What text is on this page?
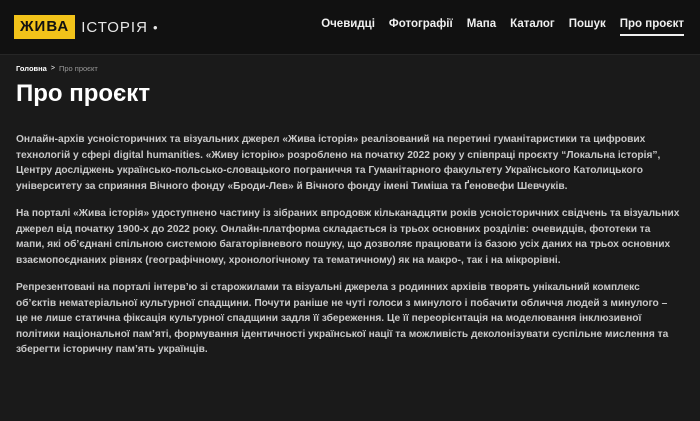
ЖИВА ІСТОРІЯ •	Очевидці Фотографії Мапа Каталог Пошук Про проєкт
Головна > Про проєкт
Про проєкт

Онлайн-архів усноісторичних та візуальних джерел «Жива історія» реалізований на перетині гуманітаристики та цифрових технологій у сфері digital humanities. «Живу історію» розроблено на початку 2022 року у співпраці проєкту “Локальна історія”, Центру досліджень українсько-польсько-словацького пограниччя та Гуманітарного факультету Українського Католицького університету за сприяння Вічного фонду «Броди-Лев» й Вічного фонду імені Тиміша та Ґеновефи Шевчуків.

На порталі «Жива історія» удоступнено частину із зібраних впродовж кільканадцяти років усноісторичних свідчень та візуальних джерел від початку 1900-х до 2022 року. Онлайн-платформа складається із трьох основних розділів: очевидців, фототеки та мапи, які об’єднані спільною системою багаторівневого пошуку, що дозволяє працювати із базою усіх даних на трьох основних взаємопоєднаних рівнях (географічному, хронологічному та тематичному) як на макро-, так і на мікрорівні.

Репрезентовані на порталі інтерв’ю зі старожилами та візуальні джерела з родинних архівів творять унікальний комплекс об’єктів нематеріальної культурної спадщини. Почути раніше не чуті голоси з минулого і побачити обличчя людей з минулого – це не лише статична фіксація культурної спадщини задля її збереження. Це її переорієнтація на моделювання інклюзивної політики національної пам’яті, формування ідентичності української нації та можливість деколонізувати суспільне мислення та зберегти історичну пам’ять українців.
